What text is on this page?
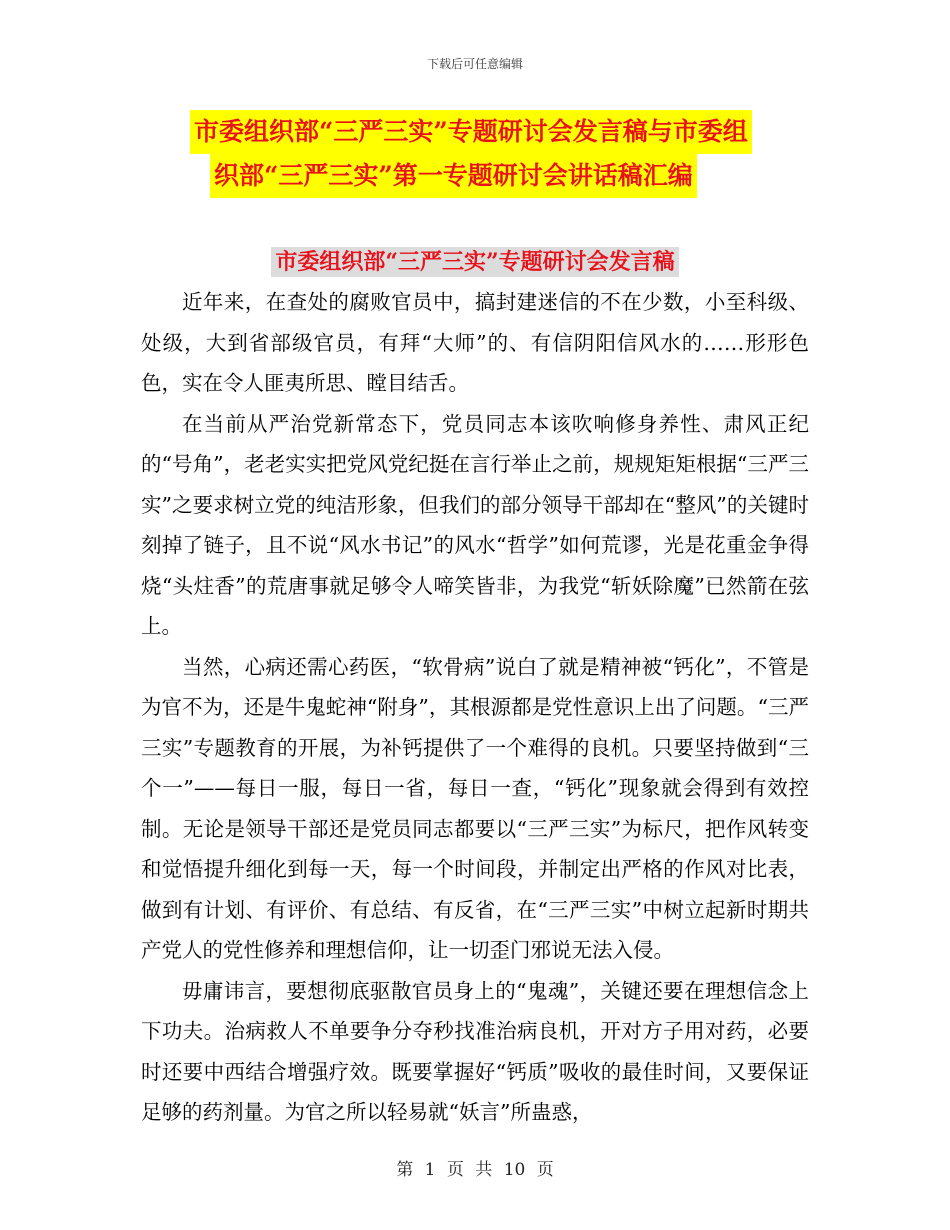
下载后可任意编辑
市委组织部“三严三实”专题研讨会发言稿与市委组
织部“三严三实”第一专题研讨会讲话稿汇编
市委组织部“三严三实”专题研讨会发言稿

近年来，在查处的腐败官员中，搞封建迷信的不在少数，小至科级、处级，大到省部级官员，有拜“大师”的、有信阴阳信风水的……形形色色，实在令人匪夷所思、瞠目结舌。

在当前从严治党新常态下，党员同志本该吹响修身养性、肃风正纪的“号角”，老老实实把党风党纪挺在言行举止之前，规规矩矩根据“三严三实”之要求树立党的纯洁形象，但我们的部分领导干部却在“整风”的关键时刻掉了链子，且不说“风水书记”的风水“哲学”如何荒谬，光是花重金争得烧“头炷香”的荒唐事就足够令人啼笑皆非，为我党“斩妖除魔”已然箭在弦上。

当然，心病还需心药医，“软骨病”说白了就是精神被“钙化”，不管是为官不为，还是牛鬼蛇神“附身”，其根源都是党性意识上出了问题。“三严三实”专题教育的开展，为补钙提供了一个难得的良机。只要坚持做到“三个一”——每日一服，每日一省，每日一查，“钙化”现象就会得到有效控制。无论是领导干部还是党员同志都要以“三严三实”为标尺，把作风转变和觉悟提升细化到每一天，每一个时间段，并制定出严格的作风对比表，做到有计划、有评价、有总结、有反省，在“三严三实”中树立起新时期共产党人的党性修养和理想信仰，让一切歪门邪说无法入侵。

毋庸讳言，要想彻底驱散官员身上的“鬼魂”，关键还要在理想信念上下功夫。治病救人不单要争分夺秒找准治病良机，开对方子用对药，必要时还要中西结合增强疗效。既要掌握好“钙质”吸收的最佳时间，又要保证足够的药剂量。为官之所以轻易就“妖言”所蛊惑，

第 1 页 共 10 页
